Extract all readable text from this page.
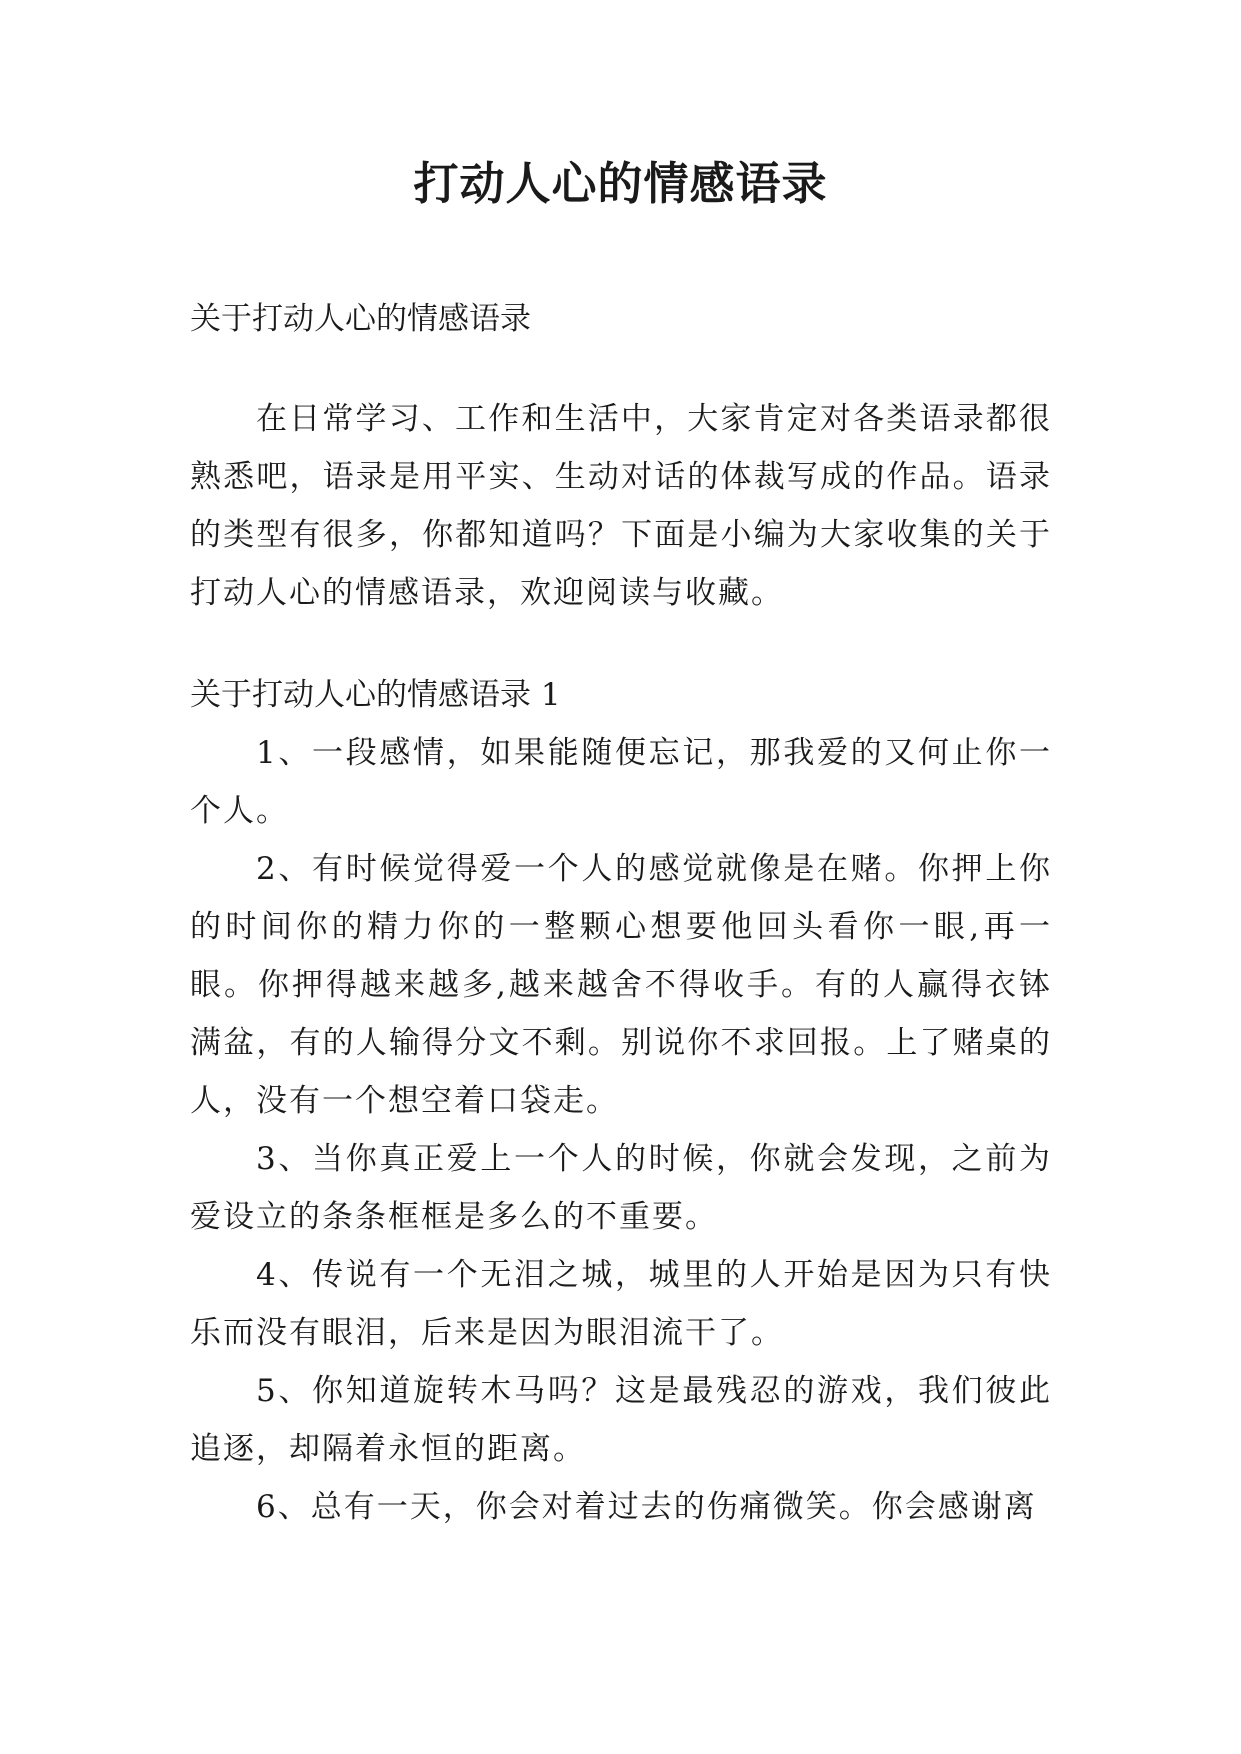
打动人心的情感语录

关于打动人心的情感语录

在日常学习、工作和生活中，大家肯定对各类语录都很熟悉吧，语录是用平实、生动对话的体裁写成的作品。语录的类型有很多，你都知道吗？下面是小编为大家收集的关于打动人心的情感语录，欢迎阅读与收藏。

关于打动人心的情感语录 1

1、一段感情，如果能随便忘记，那我爱的又何止你一个人。

2、有时候觉得爱一个人的感觉就像是在赌。你押上你的时间你的精力你的一整颗心想要他回头看你一眼,再一眼。你押得越来越多,越来越舍不得收手。有的人赢得衣钵满盆，有的人输得分文不剩。别说你不求回报。上了赌桌的人，没有一个想空着口袋走。

3、当你真正爱上一个人的时候，你就会发现，之前为爱设立的条条框框是多么的不重要。

4、传说有一个无泪之城，城里的人开始是因为只有快乐而没有眼泪，后来是因为眼泪流干了。

5、你知道旋转木马吗？这是最残忍的游戏，我们彼此追逐，却隔着永恒的距离。

6、总有一天，你会对着过去的伤痛微笑。你会感谢离
